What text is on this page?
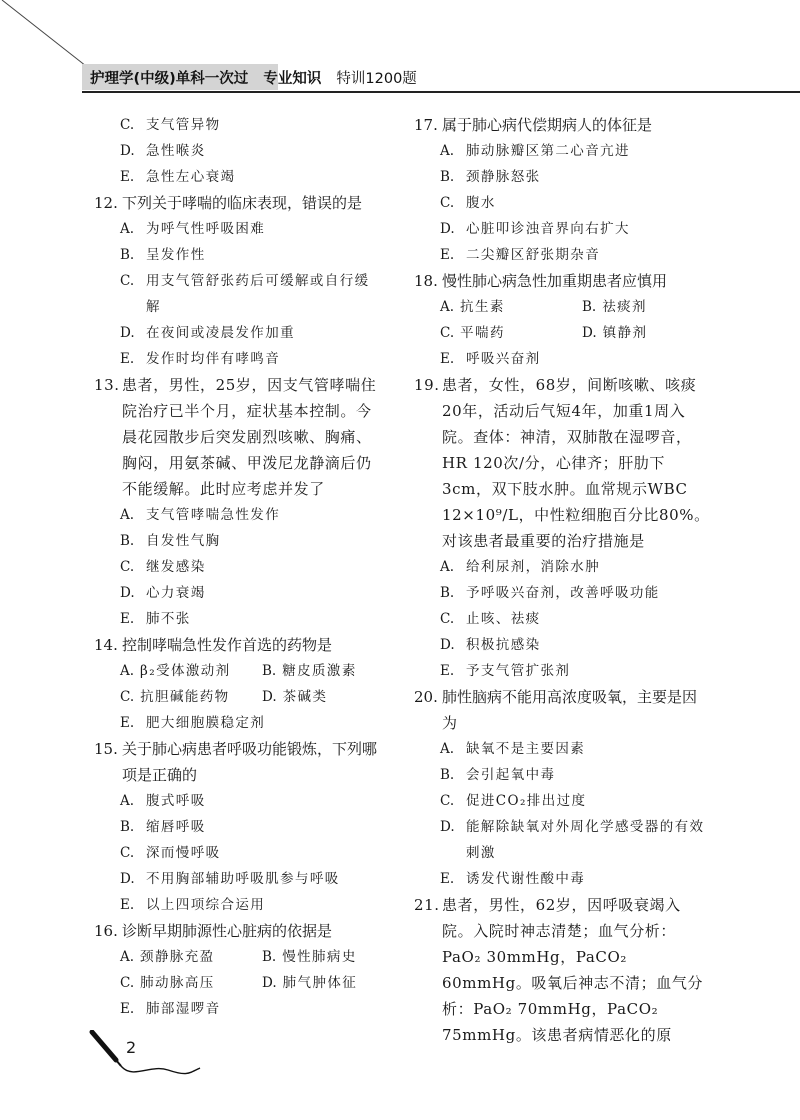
护理学(中级)单科一次过 专业知识 特训1200题
C. 支气管异物
D. 急性喉炎
E. 急性左心衰竭
12. 下列关于哮喘的临床表现，错误的是
A. 为呼气性呼吸困难
B. 呈发作性
C. 用支气管舒张药后可缓解或自行缓解
D. 在夜间或凌晨发作加重
E. 发作时均伴有哮鸣音
13. 患者，男性，25岁，因支气管哮喘住院治疗已半个月，症状基本控制。今晨花园散步后突发剧烈咳嗽、胸痛、胸闷，用氨茶碱、甲泼尼龙静滴后仍不能缓解。此时应考虑并发了
A. 支气管哮喘急性发作
B. 自发性气胸
C. 继发感染
D. 心力衰竭
E. 肺不张
14. 控制哮喘急性发作首选的药物是
A. β₂受体激动剂 B. 糖皮质激素
C. 抗胆碱能药物 D. 茶碱类
E. 肥大细胞膜稳定剂
15. 关于肺心病患者呼吸功能锻炼，下列哪项是正确的
A. 腹式呼吸
B. 缩唇呼吸
C. 深而慢呼吸
D. 不用胸部辅助呼吸肌参与呼吸
E. 以上四项综合运用
16. 诊断早期肺源性心脏病的依据是
A. 颈静脉充盈	B. 慢性肺病史
C. 肺动脉高压	D. 肺气肿体征
E. 肺部湿啰音
17. 属于肺心病代偿期病人的体征是
A. 肺动脉瓣区第二心音亢进
B. 颈静脉怒张
C. 腹水
D. 心脏叩诊浊音界向右扩大
E. 二尖瓣区舒张期杂音
18. 慢性肺心病急性加重期患者应慎用
A. 抗生素	B. 祛痰剂
C. 平喘药	D. 镇静剂
E. 呼吸兴奋剂
19. 患者，女性，68岁，间断咳嗽、咳痰20年，活动后气短4年，加重1周入院。查体：神清，双肺散在湿啰音，HR 120次/分，心律齐；肝肋下3cm，双下肢水肿。血常规示WBC 12×10⁹/L，中性粒细胞百分比80%。对该患者最重要的治疗措施是
A. 给利尿剂，消除水肿
B. 予呼吸兴奋剂，改善呼吸功能
C. 止咳、祛痰
D. 积极抗感染
E. 予支气管扩张剂
20. 肺性脑病不能用高浓度吸氧，主要是因为
A. 缺氧不是主要因素
B. 会引起氧中毒
C. 促进CO₂排出过度
D. 能解除缺氧对外周化学感受器的有效刺激
E. 诱发代谢性酸中毒
21. 患者，男性，62岁，因呼吸衰竭入院。入院时神志清楚；血气分析：PaO₂ 30mmHg，PaCO₂ 60mmHg。吸氧后神志不清；血气分析：PaO₂ 70mmHg，PaCO₂ 75mmHg。该患者病情恶化的原
2
